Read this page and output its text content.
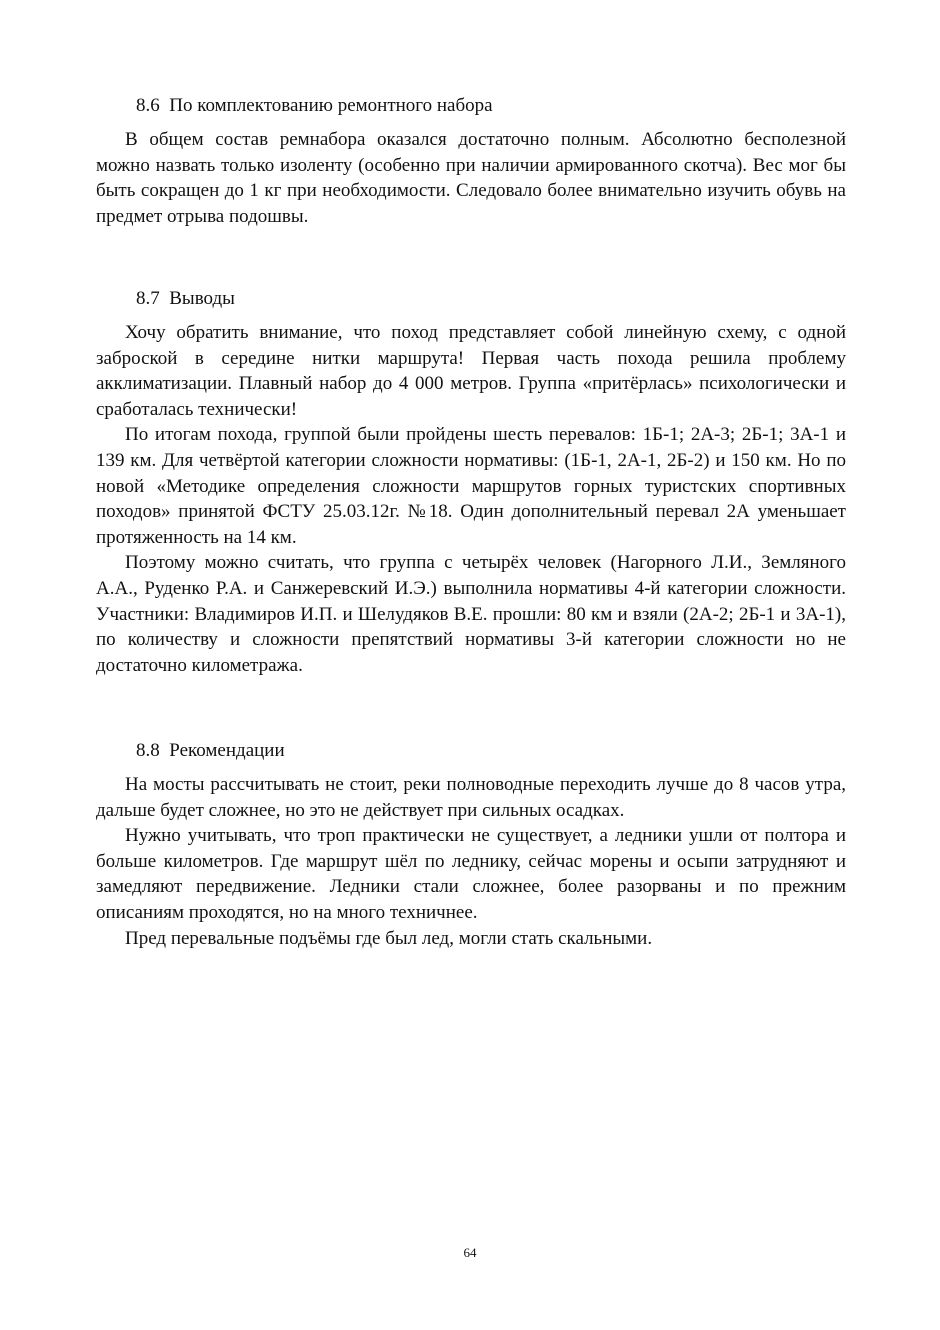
8.6  По комплектованию ремонтного набора

В общем состав ремнабора оказался достаточно полным. Абсолютно бесполезной можно назвать только изоленту (особенно при наличии армированного скотча). Вес мог бы быть сокращен до 1 кг при необходимости. Следовало более внимательно изучить обувь на предмет отрыва подошвы.

8.7  Выводы

Хочу обратить внимание, что поход представляет собой линейную схему, с одной заброской в середине нитки маршрута! Первая часть похода решила проблему акклиматизации. Плавный набор до 4 000 метров. Группа «притёрлась» психологически и сработалась технически!

По итогам похода, группой были пройдены шесть перевалов: 1Б-1; 2А-3; 2Б-1; 3А-1 и 139 км. Для четвёртой категории сложности нормативы: (1Б-1, 2А-1, 2Б-2) и 150 км. Но по новой «Методике определения сложности маршрутов горных туристских спортивных походов» принятой ФСТУ 25.03.12г. №18. Один дополнительный перевал 2А уменьшает протяженность на 14 км.

Поэтому можно считать, что группа с четырёх человек (Нагорного Л.И., Земляного А.А., Руденко Р.А. и Санжеревский И.Э.) выполнила нормативы 4-й категории сложности. Участники: Владимиров И.П. и Шелудяков В.Е. прошли: 80 км и взяли (2А-2; 2Б-1 и 3А-1), по количеству и сложности препятствий нормативы 3-й категории сложности но не достаточно километража.

8.8  Рекомендации

На мосты рассчитывать не стоит, реки полноводные переходить лучше до 8 часов утра, дальше будет сложнее, но это не действует при сильных осадках.

Нужно учитывать, что троп практически не существует, а ледники ушли от полтора и больше километров. Где маршрут шёл по леднику, сейчас морены и осыпи затрудняют и замедляют передвижение. Ледники стали сложнее, более разорваны и по прежним описаниям проходятся, но на много техничнее.

Пред перевальные подъёмы где был лед, могли стать скальными.

64
